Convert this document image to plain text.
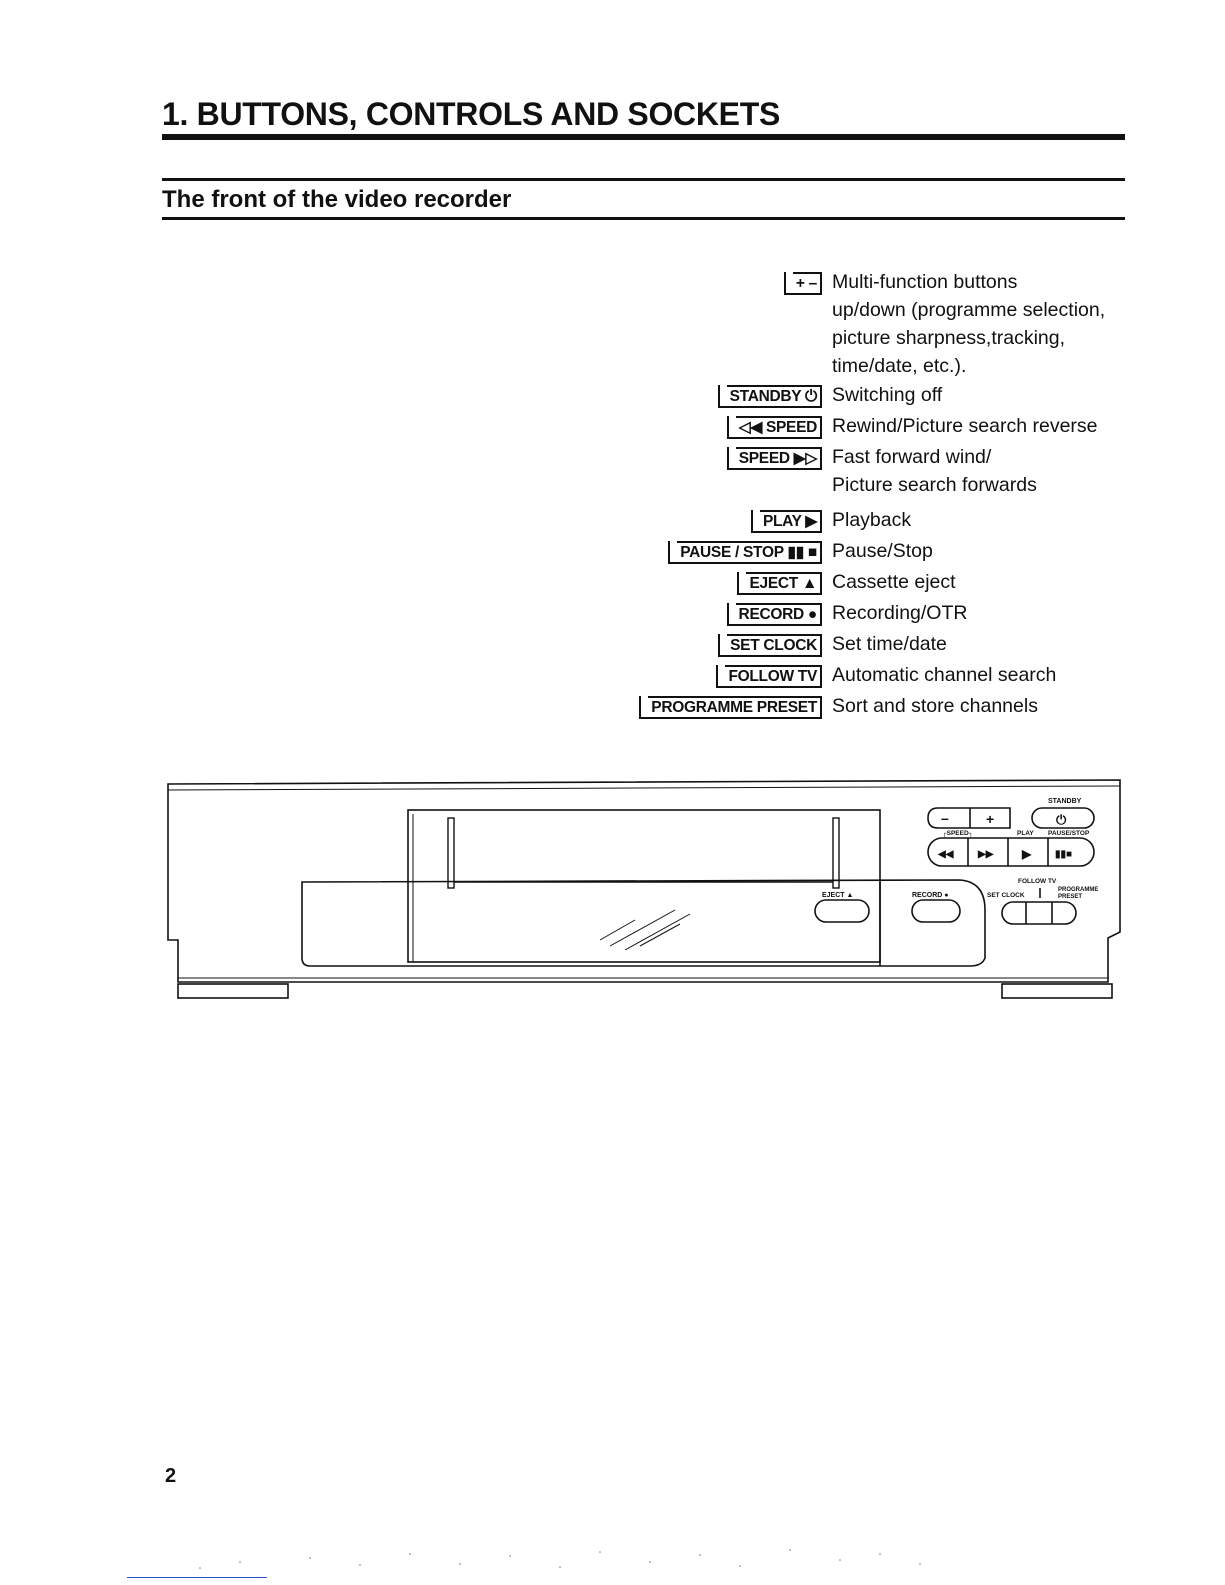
1. BUTTONS, CONTROLS AND SOCKETS
The front of the video recorder
+ – Multi-function buttons
up/down (programme selection,
picture sharpness,tracking,
time/date, etc.).
STANDBY ⏻ Switching off
◁◀ SPEED Rewind/Picture search reverse
SPEED ▶▷ Fast forward wind/
Picture search forwards
PLAY ▶ Playback
PAUSE / STOP ▮▮ ■ Pause/Stop
EJECT ▲ Cassette eject
RECORD ● Recording/OTR
SET CLOCK Set time/date
FOLLOW TV Automatic channel search
PROGRAMME PRESET Sort and store channels
STANDBY
–	+	⏻
┌SPEED┐	PLAY PAUSE/STOP
◀◀ ▶▶ ▶ ▮▮■
EJECT ▲	RECORD ●
FOLLOW TV
SET CLOCK
PROGRAMME
PRESET
2
